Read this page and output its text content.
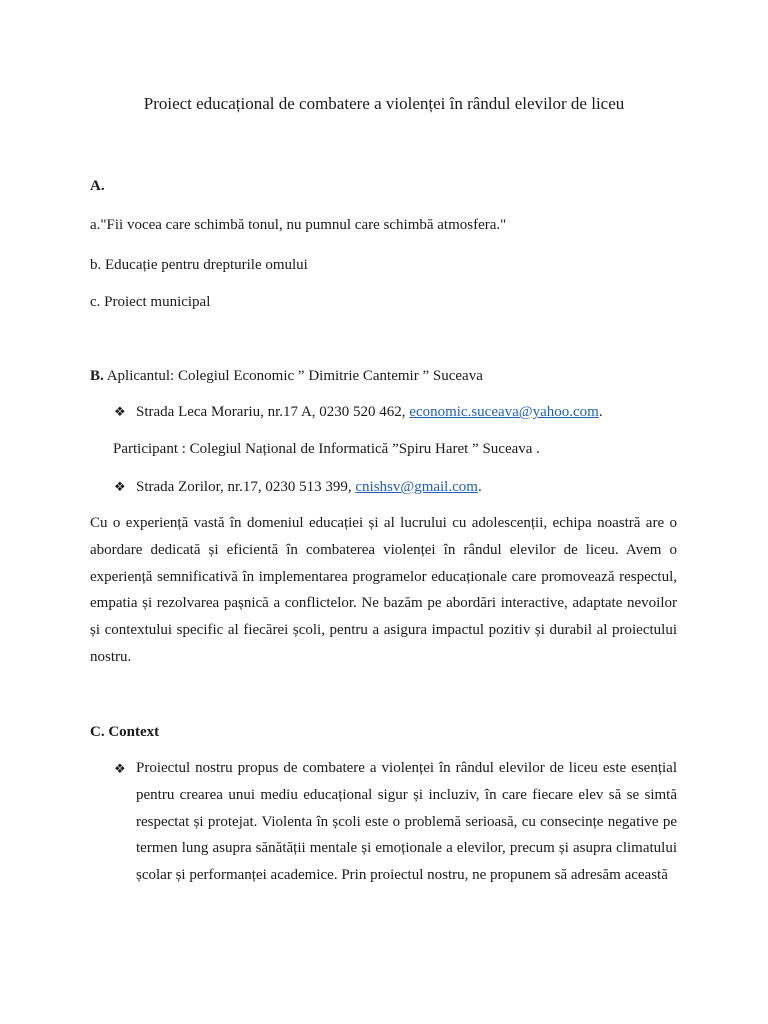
Proiect educațional de combatere a violenței în rândul elevilor de liceu
A.
a."Fii vocea care schimbă tonul, nu pumnul care schimbă atmosfera."
b. Educație pentru drepturile omului
c. Proiect municipal
B. Aplicantul: Colegiul Economic ” Dimitrie Cantemir ” Suceava
❖ Strada Leca Morariu, nr.17 A, 0230 520 462, economic.suceava@yahoo.com.
Participant : Colegiul Național de Informatică ”Spiru Haret ” Suceava .
❖ Strada Zorilor, nr.17, 0230 513 399, cnishsv@gmail.com.
Cu o experiență vastă în domeniul educației și al lucrului cu adolescenții, echipa noastră are o abordare dedicată și eficientă în combaterea violenței în rândul elevilor de liceu. Avem o experiență semnificativă în implementarea programelor educaționale care promovează respectul, empatia și rezolvarea pașnică a conflictelor. Ne bazăm pe abordări interactive, adaptate nevoilor și contextului specific al fiecărei școli, pentru a asigura impactul pozitiv și durabil al proiectului nostru.
C. Context
❖ Proiectul nostru propus de combatere a violenței în rândul elevilor de liceu este esențial pentru crearea unui mediu educațional sigur și incluziv, în care fiecare elev să se simtă respectat și protejat. Violenta în școli este o problemă serioasă, cu consecințe negative pe termen lung asupra sănătății mentale și emoționale a elevilor, precum și asupra climatului școlar și performanței academice. Prin proiectul nostru, ne propunem să adresăm această
